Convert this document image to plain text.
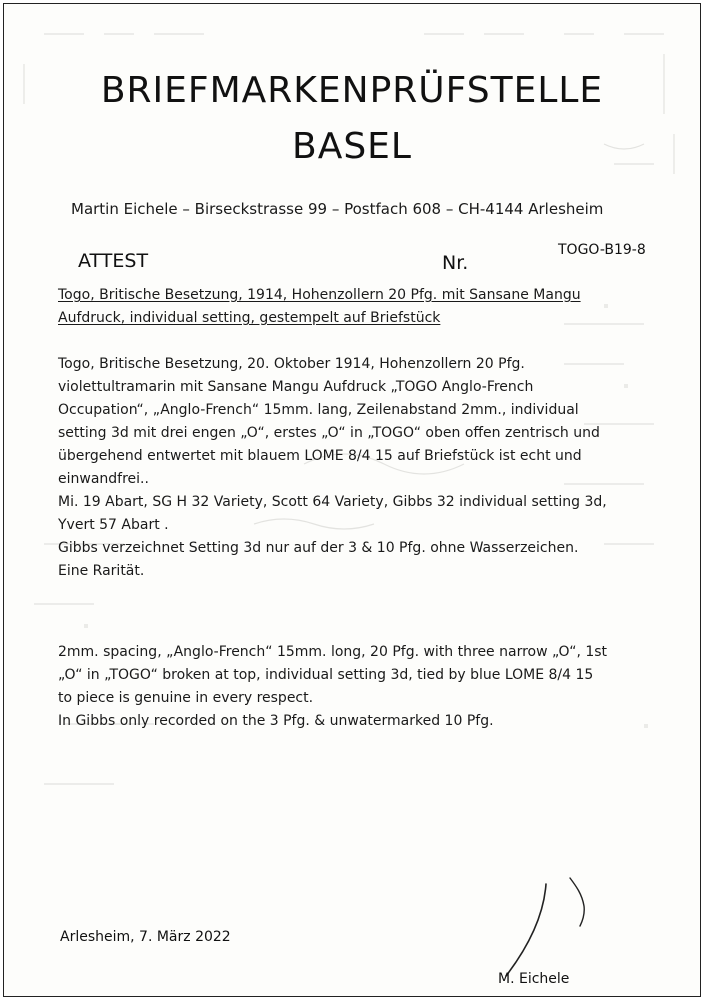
BRIEFMARKENPRÜFSTELLE
BASEL
Martin Eichele – Birseckstrasse 99 – Postfach 608 – CH-4144 Arlesheim
ATTEST	Nr.
TOGO-B19-8
Togo, Britische Besetzung, 1914, Hohenzollern 20 Pfg. mit Sansane Mangu
Aufdruck, individual setting, gestempelt auf Briefstück
Togo, Britische Besetzung, 20. Oktober 1914, Hohenzollern 20 Pfg.
violettultramarin mit Sansane Mangu Aufdruck „TOGO Anglo-French
Occupation“, „Anglo-French“ 15mm. lang, Zeilenabstand 2mm., individual
setting 3d mit drei engen „O“, erstes „O“ in „TOGO“ oben offen zentrisch und
übergehend entwertet mit blauem LOME 8/4 15 auf Briefstück ist echt und
einwandfrei..
Mi. 19 Abart, SG H 32 Variety, Scott 64 Variety, Gibbs 32 individual setting 3d,
Yvert 57 Abart .
Gibbs verzeichnet Setting 3d nur auf der 3 & 10 Pfg. ohne Wasserzeichen.
Eine Rarität.
2mm. spacing, „Anglo-French“ 15mm. long, 20 Pfg. with three narrow „O“, 1st
„O“ in „TOGO“ broken at top, individual setting 3d, tied by blue LOME 8/4 15
to piece is genuine in every respect.
In Gibbs only recorded on the 3 Pfg. & unwatermarked 10 Pfg.
Arlesheim, 7. März 2022
M. Eichele
